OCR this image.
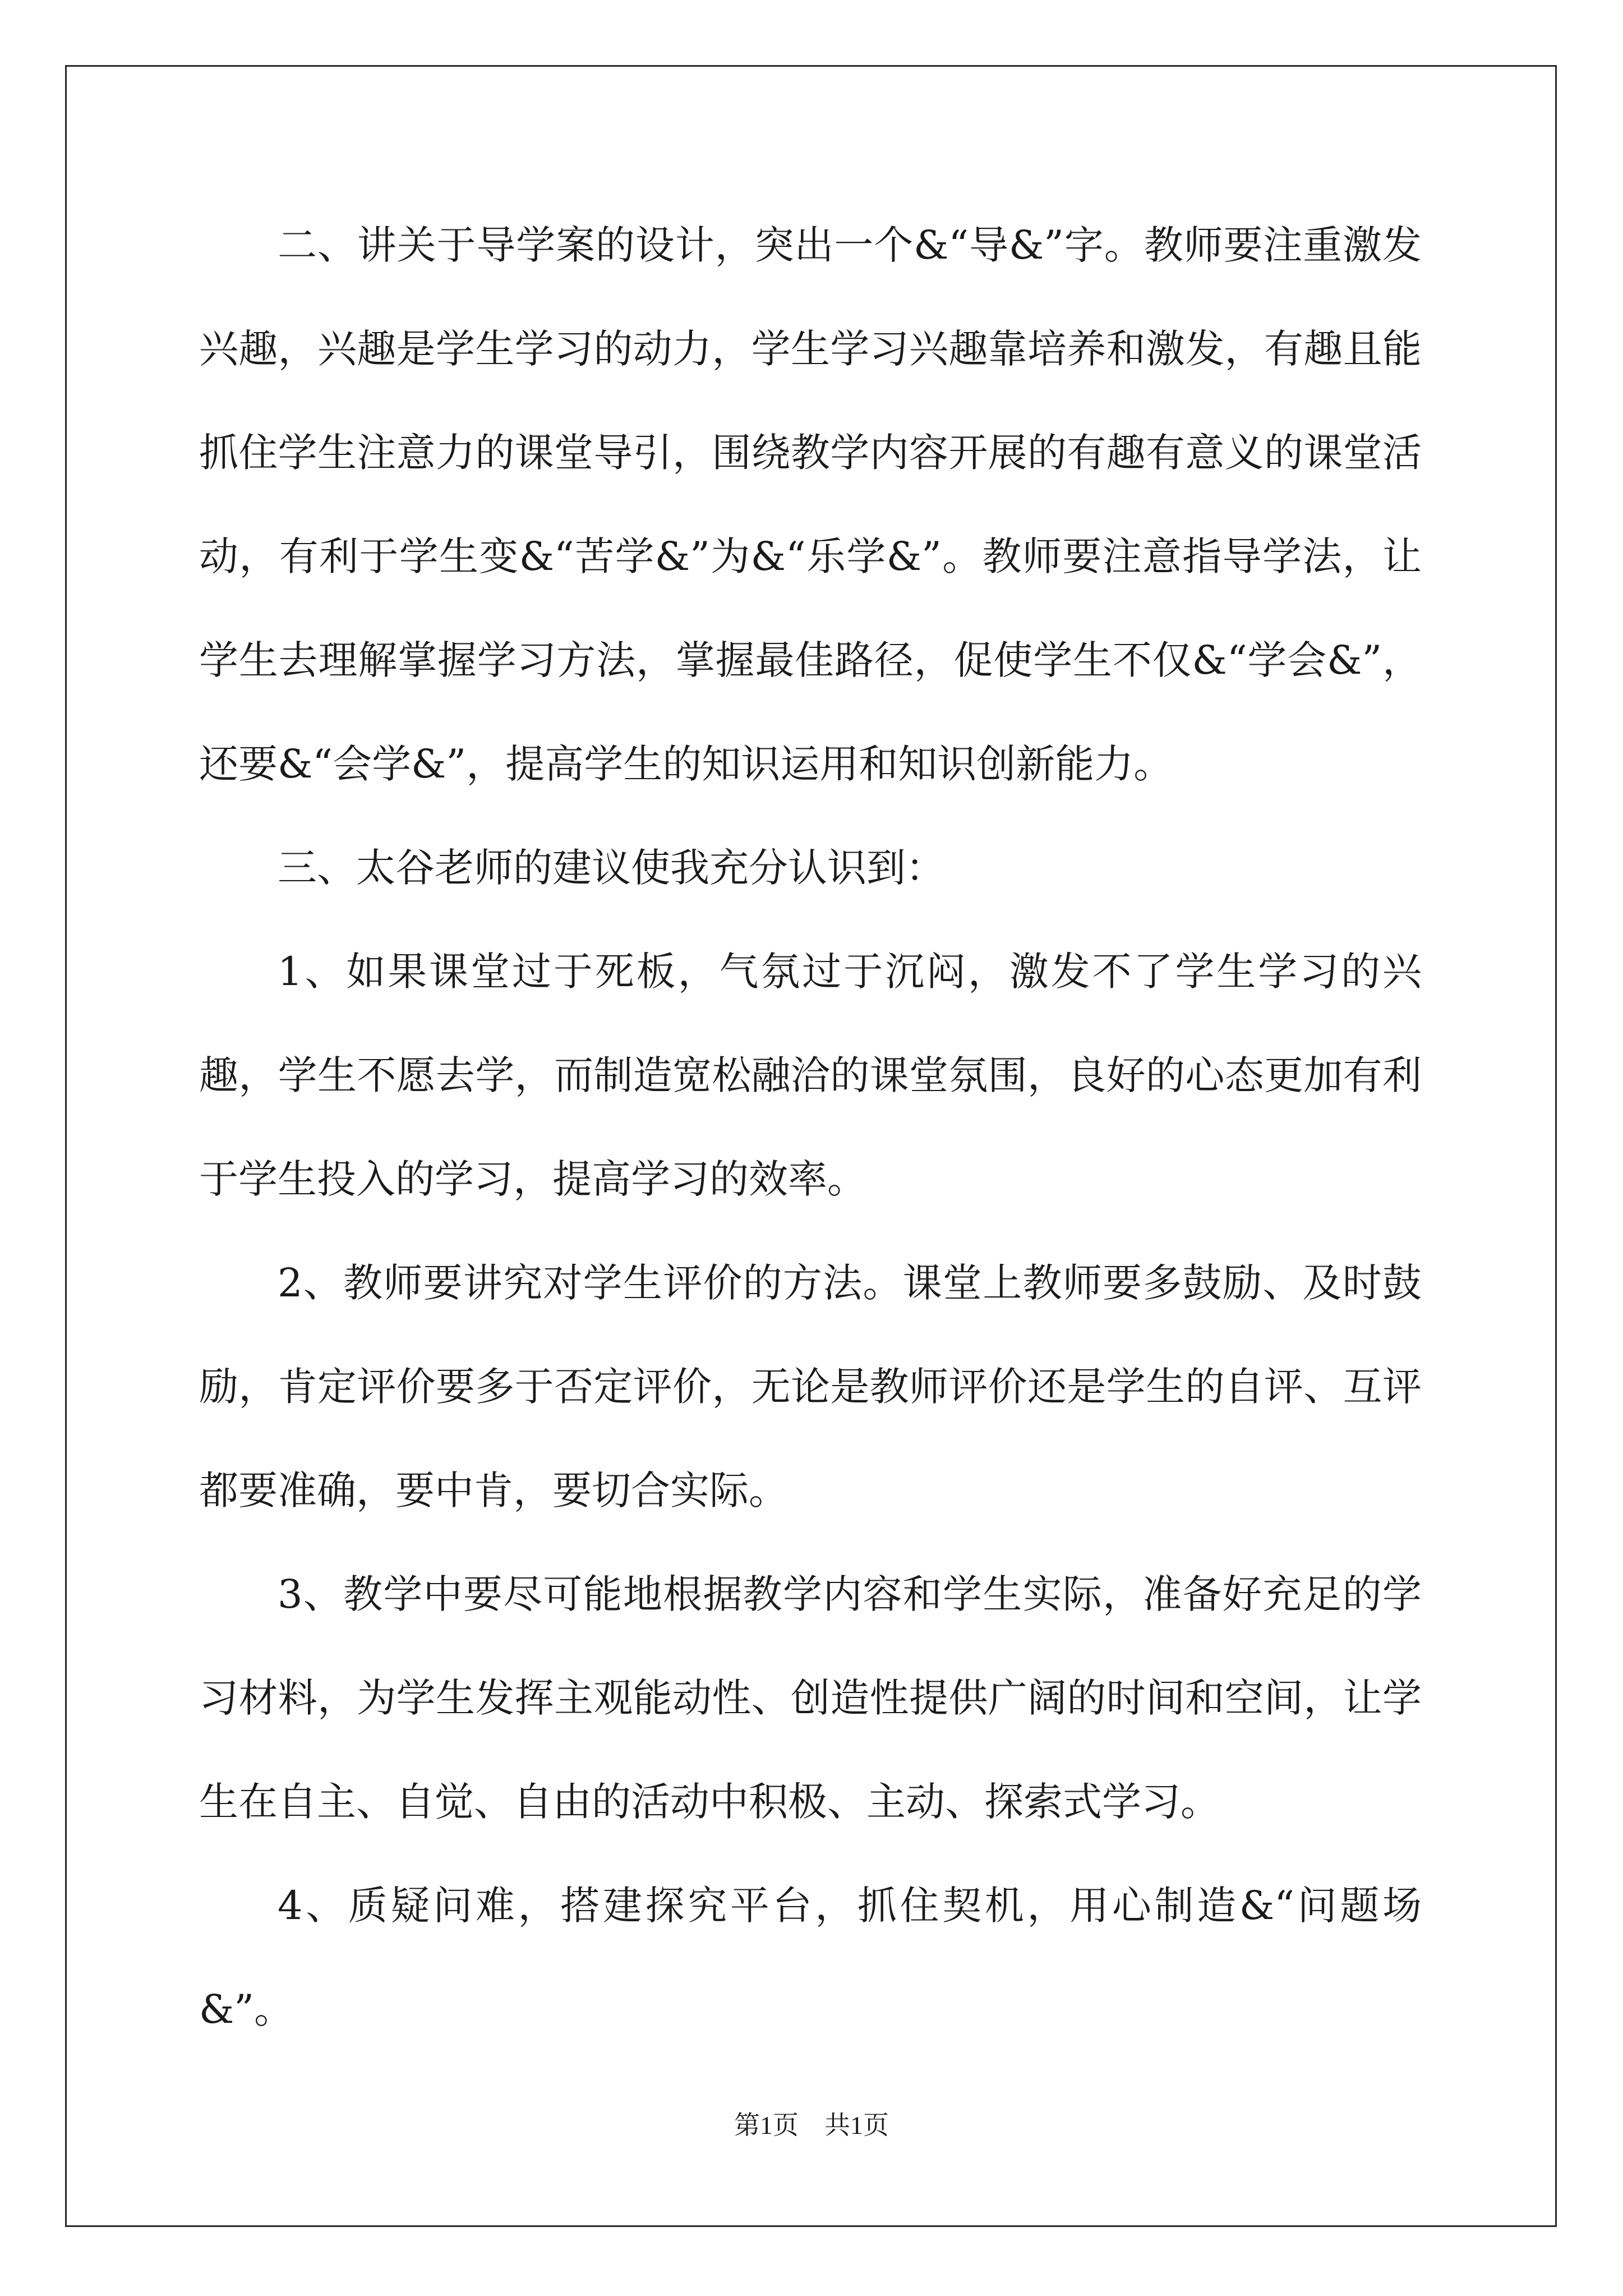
二、讲关于导学案的设计，突出一个&“导&”字。教师要注重激发兴趣，兴趣是学生学习的动力，学生学习兴趣靠培养和激发，有趣且能抓住学生注意力的课堂导引，围绕教学内容开展的有趣有意义的课堂活动，有利于学生变&“苦学&”为&“乐学&”。教师要注意指导学法，让学生去理解掌握学习方法，掌握最佳路径，促使学生不仅&“学会&”，还要&“会学&”，提高学生的知识运用和知识创新能力。

三、太谷老师的建议使我充分认识到：

1、如果课堂过于死板，气氛过于沉闷，激发不了学生学习的兴趣，学生不愿去学，而制造宽松融洽的课堂氛围，良好的心态更加有利于学生投入的学习，提高学习的效率。

2、教师要讲究对学生评价的方法。课堂上教师要多鼓励、及时鼓励，肯定评价要多于否定评价，无论是教师评价还是学生的自评、互评都要准确，要中肯，要切合实际。

3、教学中要尽可能地根据教学内容和学生实际，准备好充足的学习材料，为学生发挥主观能动性、创造性提供广阔的时间和空间，让学生在自主、自觉、自由的活动中积极、主动、探索式学习。

4、质疑问难，搭建探究平台，抓住契机，用心制造&“问题场&”。

第1页　共1页
